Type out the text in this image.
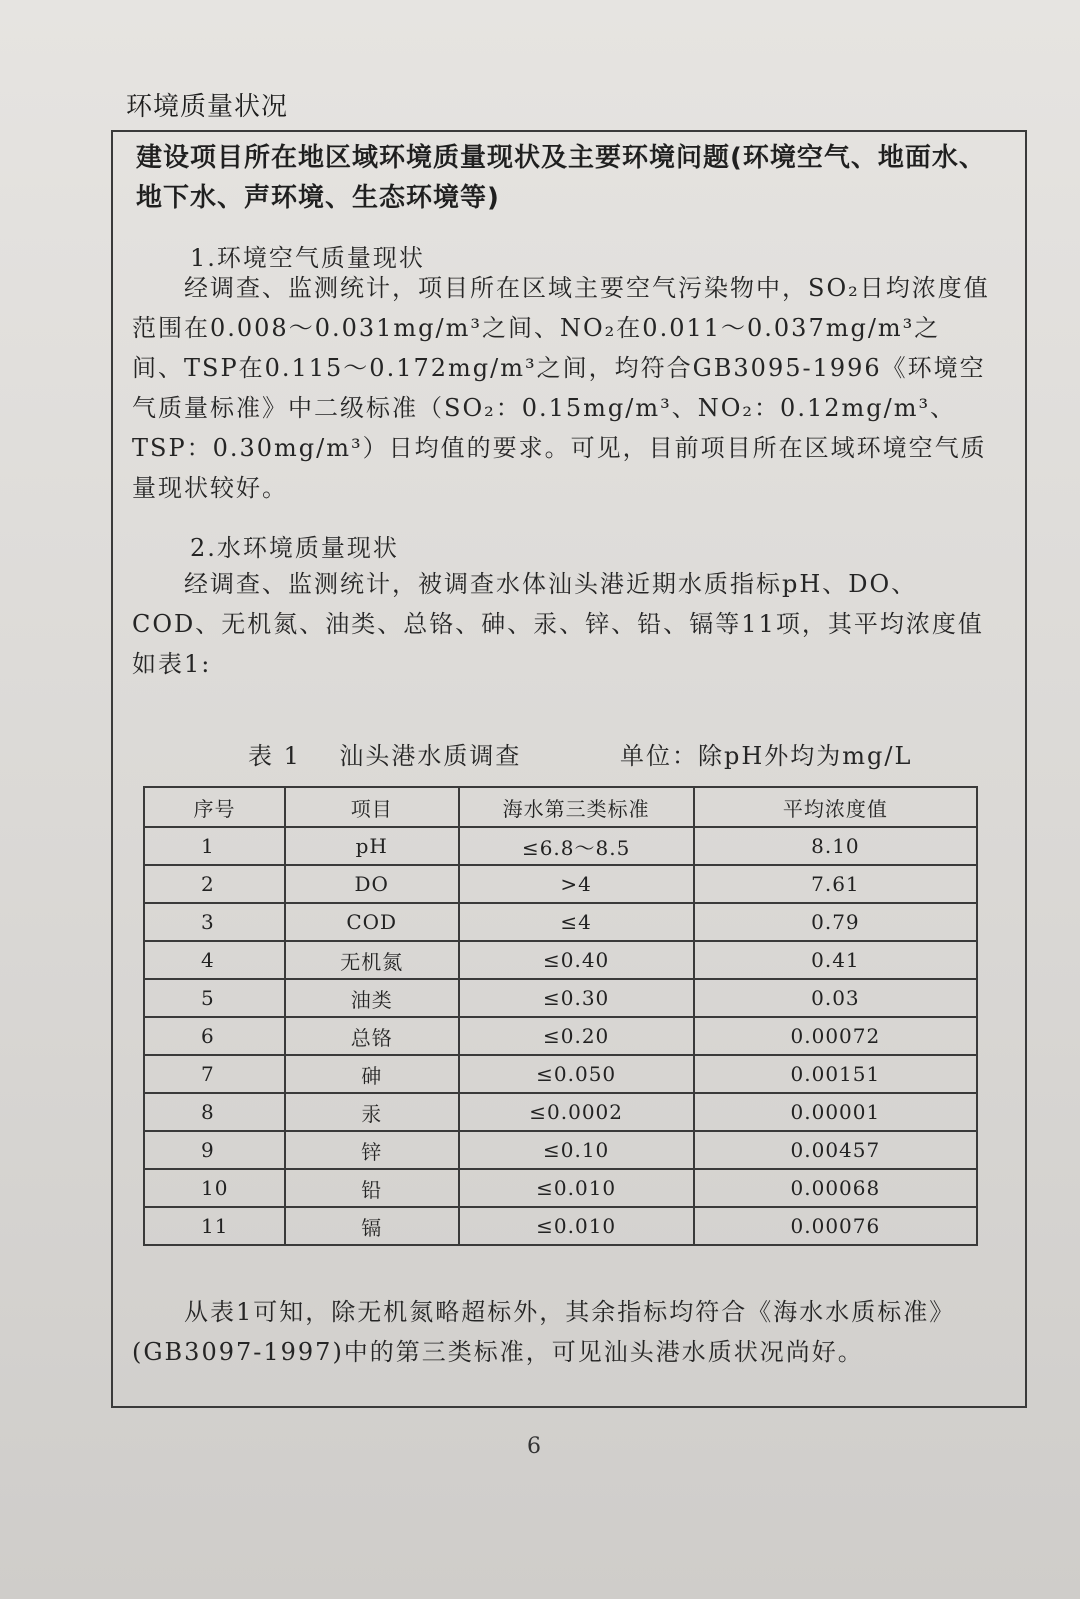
环境质量状况
建设项目所在地区域环境质量现状及主要环境问题(环境空气、地面水、地下水、声环境、生态环境等)
1.环境空气质量现状
经调查、监测统计，项目所在区域主要空气污染物中，SO₂日均浓度值范围在0.008～0.031mg/m³之间、NO₂在0.011～0.037mg/m³之间、TSP在0.115～0.172mg/m³之间，均符合GB3095-1996《环境空气质量标准》中二级标准（SO₂：0.15mg/m³、NO₂：0.12mg/m³、TSP：0.30mg/m³）日均值的要求。可见，目前项目所在区域环境空气质量现状较好。
2.水环境质量现状
经调查、监测统计，被调查水体汕头港近期水质指标pH、DO、COD、无机氮、油类、总铬、砷、汞、锌、铅、镉等11项，其平均浓度值如表1:
表 1    汕头港水质调查	单位：除pH外均为mg/L
序号	项目	海水第三类标准	平均浓度值
1	pH	≤6.8～8.5	8.10
2	DO	>4	7.61
3	COD	≤4	0.79
4	无机氮	≤0.40	0.41
5	油类	≤0.30	0.03
6	总铬	≤0.20	0.00072
7	砷	≤0.050	0.00151
8	汞	≤0.0002	0.00001
9	锌	≤0.10	0.00457
10	铅	≤0.010	0.00068
11	镉	≤0.010	0.00076
从表1可知，除无机氮略超标外，其余指标均符合《海水水质标准》(GB3097-1997)中的第三类标准，可见汕头港水质状况尚好。
6
